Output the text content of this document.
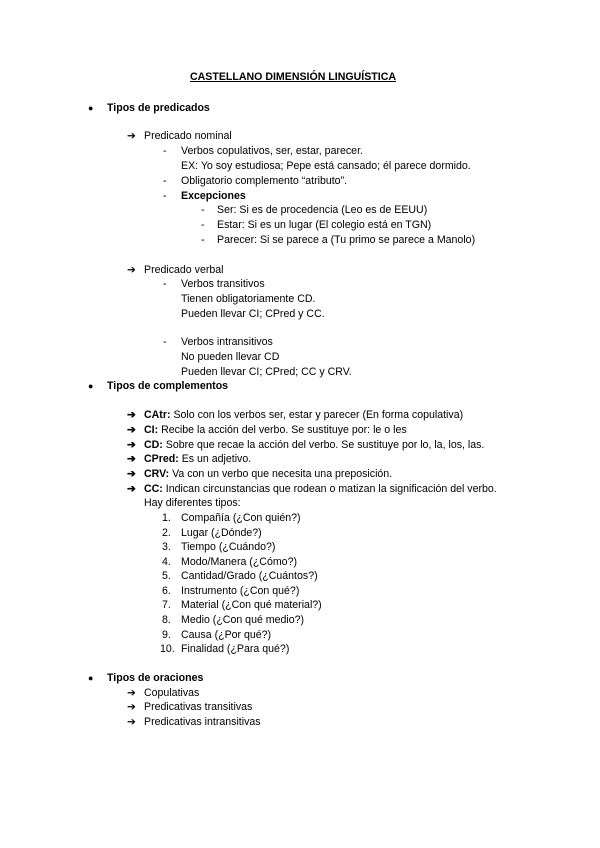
CASTELLANO DIMENSIÓN LINGUÍSTICA
● Tipos de predicados
➔ Predicado nominal
- Verbos copulativos, ser, estar, parecer.
EX: Yo soy estudiosa; Pepe está cansado; él parece dormido.
- Obligatorio complemento “atributo”.
- Excepciones
- Ser: Si es de procedencia (Leo es de EEUU)
- Estar: Si es un lugar (El colegio está en TGN)
- Parecer: Si se parece a (Tu primo se parece a Manolo)
➔ Predicado verbal
- Verbos transitivos
Tienen obligatoriamente CD.
Pueden llevar CI; CPred y CC.
- Verbos intransitivos
No pueden llevar CD
Pueden llevar CI; CPred; CC y CRV.
● Tipos de complementos
➔ CAtr: Solo con los verbos ser, estar y parecer (En forma copulativa)
➔ CI: Recibe la acción del verbo. Se sustituye por: le o les
➔ CD: Sobre que recae la acción del verbo. Se sustituye por lo, la, los, las.
➔ CPred: Es un adjetivo.
➔ CRV: Va con un verbo que necesita una preposición.
➔ CC: Indican circunstancias que rodean o matizan la significación del verbo.
Hay diferentes tipos:
1. Compañía (¿Con quién?)
2. Lugar (¿Dónde?)
3. Tiempo (¿Cuándo?)
4. Modo/Manera (¿Cómo?)
5. Cantidad/Grado (¿Cuántos?)
6. Instrumento (¿Con qué?)
7. Material (¿Con qué material?)
8. Medio (¿Con qué medio?)
9. Causa (¿Por qué?)
10. Finalidad (¿Para qué?)
● Tipos de oraciones
➔ Copulativas
➔ Predicativas transitivas
➔ Predicativas intransitivas
